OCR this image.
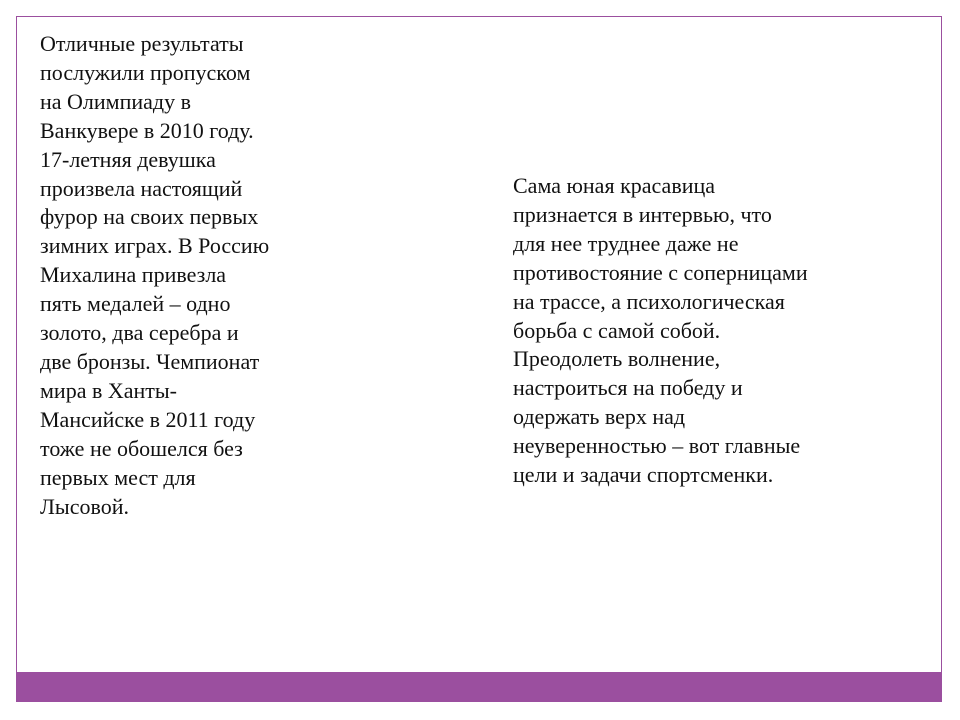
Отличные результаты
послужили пропуском
на Олимпиаду в
Ванкувере в 2010 году.
17-летняя девушка
произвела настоящий
фурор на своих первых
зимних играх. В Россию
Михалина привезла
пять медалей – одно
золото, два серебра и
две бронзы. Чемпионат
мира в Ханты-
Мансийске в 2011 году
тоже не обошелся без
первых мест для
Лысовой.

Сама юная красавица
признается в интервью, что
для нее труднее даже не
противостояние с соперницами
на трассе, а психологическая
борьба с самой собой.
Преодолеть волнение,
настроиться на победу и
одержать верх над
неуверенностью – вот главные
цели и задачи спортсменки.
